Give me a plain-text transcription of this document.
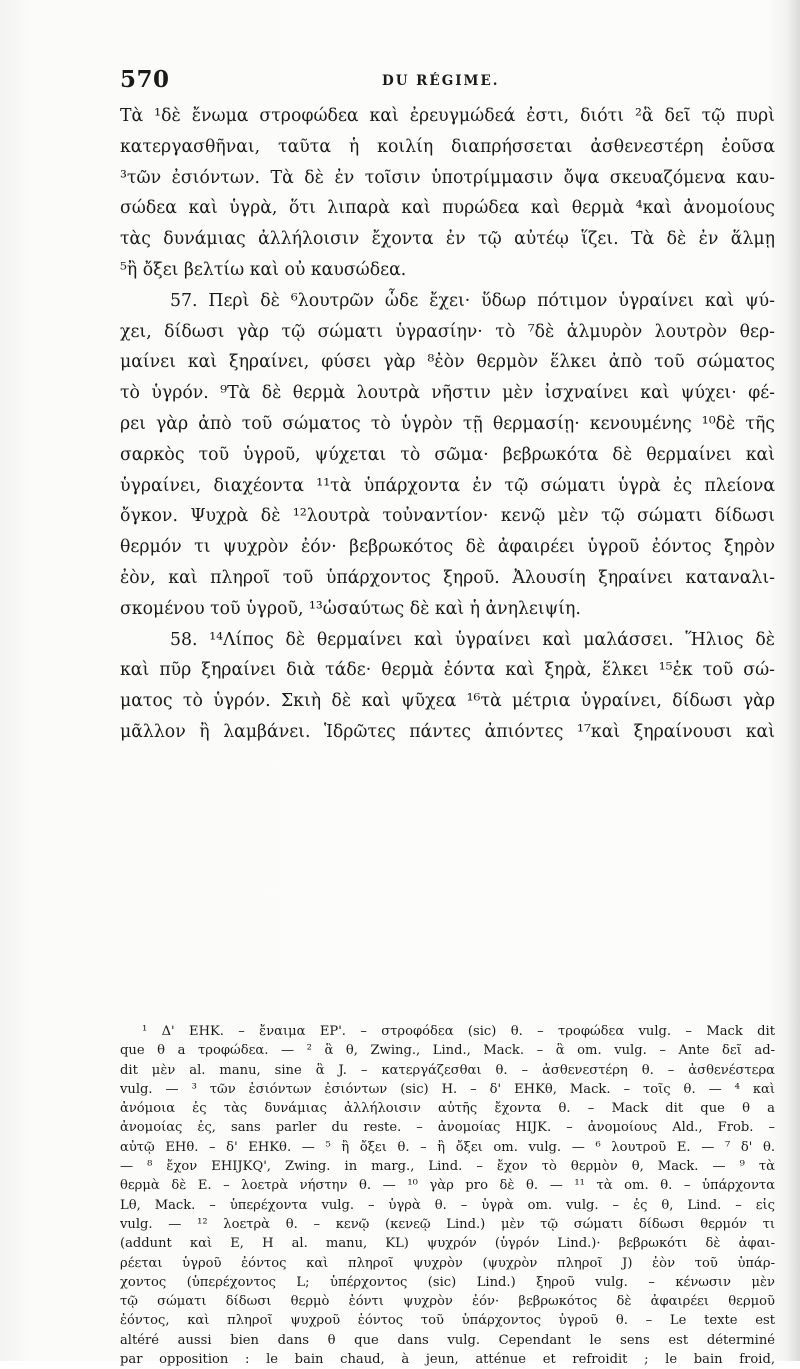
570	DU RÉGIME.
Τὰ ¹δὲ ἔνωμα στροφώδεα καὶ ἐρευγμώδεά ἐστι, διότι ²ἃ δεῖ τῷ πυρὶ
κατεργασθῆναι, ταῦτα ἡ κοιλίη διαπρήσσεται ἀσθενεστέρη ἐοῦσα
³τῶν ἐσιόντων. Τὰ δὲ ἐν τοῖσιν ὑποτρίμμασιν ὄψα σκευαζόμενα καυ-
σώδεα καὶ ὑγρὰ, ὅτι λιπαρὰ καὶ πυρώδεα καὶ θερμὰ ⁴καὶ ἀνομοίους
τὰς δυνάμιας ἀλλήλοισιν ἔχοντα ἐν τῷ αὐτέῳ ἵζει. Τὰ δὲ ἐν ἅλμῃ
⁵ἢ ὄξει βελτίω καὶ οὐ καυσώδεα.
57. Περὶ δὲ ⁶λουτρῶν ὧδε ἔχει· ὕδωρ πότιμον ὑγραίνει καὶ ψύ-
χει, δίδωσι γὰρ τῷ σώματι ὑγρασίην· τὸ ⁷δὲ ἁλμυρὸν λουτρὸν θερ-
μαίνει καὶ ξηραίνει, φύσει γὰρ ⁸ἐὸν θερμὸν ἕλκει ἀπὸ τοῦ σώματος
τὸ ὑγρόν. ⁹Τὰ δὲ θερμὰ λουτρὰ νῆστιν μὲν ἰσχναίνει καὶ ψύχει· φέ-
ρει γὰρ ἀπὸ τοῦ σώματος τὸ ὑγρὸν τῇ θερμασίῃ· κενουμένης ¹⁰δὲ τῆς
σαρκὸς τοῦ ὑγροῦ, ψύχεται τὸ σῶμα· βεβρωκότα δὲ θερμαίνει καὶ
ὑγραίνει, διαχέοντα ¹¹τὰ ὑπάρχοντα ἐν τῷ σώματι ὑγρὰ ἐς πλείονα
ὄγκον. Ψυχρὰ δὲ ¹²λουτρὰ τοὐναντίον· κενῷ μὲν τῷ σώματι δίδωσι
θερμόν τι ψυχρὸν ἐόν· βεβρωκότος δὲ ἀφαιρέει ὑγροῦ ἐόντος ξηρὸν
ἐὸν, καὶ πληροῖ τοῦ ὑπάρχοντος ξηροῦ. Ἀλουσίη ξηραίνει καταναλι-
σκομένου τοῦ ὑγροῦ, ¹³ὡσαύτως δὲ καὶ ἡ ἀνηλειψίη.
58. ¹⁴Λίπος δὲ θερμαίνει καὶ ὑγραίνει καὶ μαλάσσει. Ἥλιος δὲ
καὶ πῦρ ξηραίνει διὰ τάδε· θερμὰ ἐόντα καὶ ξηρὰ, ἕλκει ¹⁵ἐκ τοῦ σώ-
ματος τὸ ὑγρόν. Σκιὴ δὲ καὶ ψῦχεα ¹⁶τὰ μέτρια ὑγραίνει, δίδωσι γὰρ
μᾶλλον ἢ λαμβάνει. Ἱδρῶτες πάντες ἀπιόντες ¹⁷καὶ ξηραίνουσι καὶ
¹ Δ' EHK. – ἔναιμα EP'. – στροφόδεα (sic) θ. – τροφώδεα vulg. – Mack dit
que θ a τροφώδεα. — ² ἃ θ, Zwing., Lind., Mack. – ἃ om. vulg. – Ante δεῖ ad-
dit μὲν al. manu, sine ἃ J. – κατεργάζεσθαι θ. – ἀσθενεστέρη θ. – ἀσθενέστερα
vulg. — ³ τῶν ἐσιόντων ἐσιόντων (sic) H. – δ' EHKθ, Mack. – τοῖς θ. — ⁴ καὶ
ἀνόμοια ἐς τὰς δυνάμιας ἀλλήλοισιν αὐτῆς ἔχοντα θ. – Mack dit que θ a
ἀνομοίας ἐς, sans parler du reste. – ἀνομοίας HIJK. – ἀνομοίους Ald., Frob. –
αὐτῷ EHθ. – δ' EHKθ. — ⁵ ἢ ὄξει θ. – ἢ ὄξει om. vulg. — ⁶ λουτροῦ E. — ⁷ δ' θ.
— ⁸ ἔχον EHIJKQ', Zwing. in marg., Lind. – ἔχον τὸ θερμὸν θ, Mack. — ⁹ τὰ
θερμὰ δὲ E. – λοετρὰ νήστην θ. — ¹⁰ γὰρ pro δὲ θ. — ¹¹ τὰ om. θ. – ὑπάρχοντα
Lθ, Mack. – ὑπερέχοντα vulg. – ὑγρὰ θ. – ὑγρὰ om. vulg. – ἐς θ, Lind. – εἰς
vulg. — ¹² λοετρὰ θ. – κενῷ (κενεῷ Lind.) μὲν τῷ σώματι δίδωσι θερμόν τι
(addunt καὶ E, H al. manu, KL) ψυχρόν (ὑγρόν Lind.)· βεβρωκότι δὲ ἀφαι-
ρέεται ὑγροῦ ἐόντος καὶ πληροῖ ψυχρὸν (ψυχρὸν πληροῖ J) ἐὸν τοῦ ὑπάρ-
χοντος (ὑπερέχοντος L; ὑπέρχοντος (sic) Lind.) ξηροῦ vulg. – κένωσιν μὲν
τῷ σώματι δίδωσι θερμὸ ἐόντι ψυχρὸν ἐόν· βεβρωκότος δὲ ἀφαιρέει θερμοῦ
ἐόντος, καὶ πληροῖ ψυχροῦ ἐόντος τοῦ ὑπάρχοντος ὑγροῦ θ. – Le texte est
altéré aussi bien dans θ que dans vulg. Cependant le sens est déterminé
par opposition : le bain chaud, à jeun, atténue et refroidit ; le bain froid,
